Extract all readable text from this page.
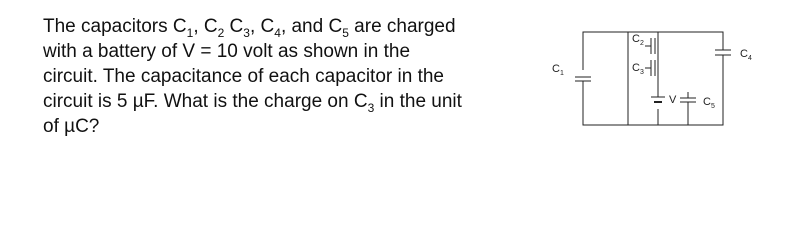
The capacitors $C_1$, $C_2$ $C_3$, $C_4$, and $C_5$ are charged
with a battery of V = 10 volt as shown in the
circuit. The capacitance of each capacitor in the
circuit is 5 µF. What is the charge on $C_3$ in the unit
of µC?
$C_1$
$C_2$
$C_3$
$C_4$
$C_5$
V
